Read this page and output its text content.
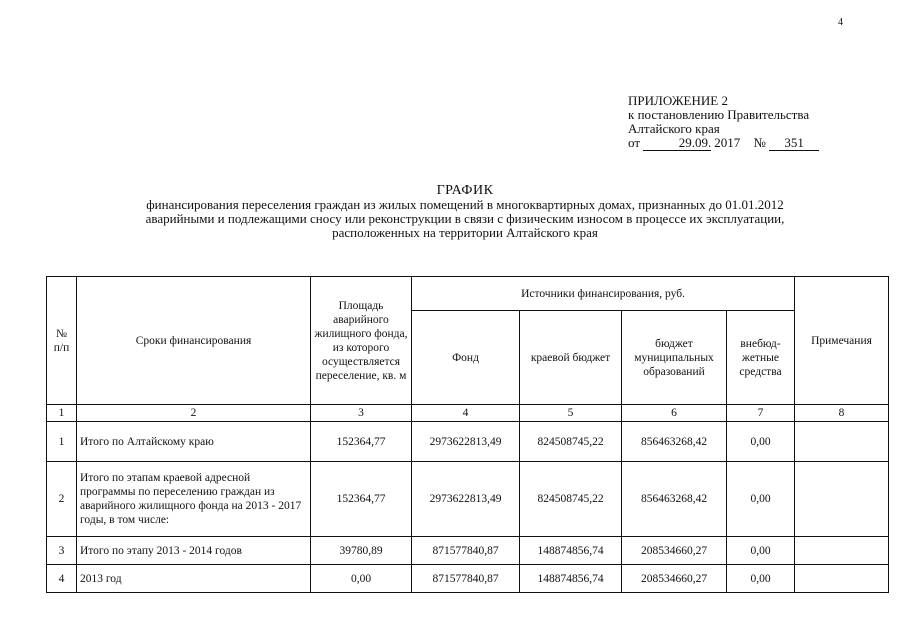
4
ПРИЛОЖЕНИЕ 2
к постановлению Правительства
Алтайского края
от	29.09. 2017 № 351
ГРАФИК
финансирования переселения граждан из жилых помещений в многоквартирных домах, признанных до 01.01.2012
аварийными и подлежащими сносу или реконструкции в связи с физическим износом в процессе их эксплуатации,
расположенных на территории Алтайского края
№ п/п	Сроки финансирования	Площадь аварийного жилищного фонда, из которого осуществляется переселение, кв. м	Источники финансирования, руб.				Примечания
			Фонд	краевой бюджет	бюджет муниципальных образований	внебюд-жетные средства	
1	2	3	4	5	6	7	8
1	Итого по Алтайскому краю	152364,77	2973622813,49	824508745,22	856463268,42	0,00	
2	Итого по этапам краевой адресной программы по переселению граждан из аварийного жилищного фонда на 2013 - 2017 годы, в том числе:	152364,77	2973622813,49	824508745,22	856463268,42	0,00	
3	Итого по этапу 2013 - 2014 годов	39780,89	871577840,87	148874856,74	208534660,27	0,00	
4	2013 год	0,00	871577840,87	148874856,74	208534660,27	0,00	
